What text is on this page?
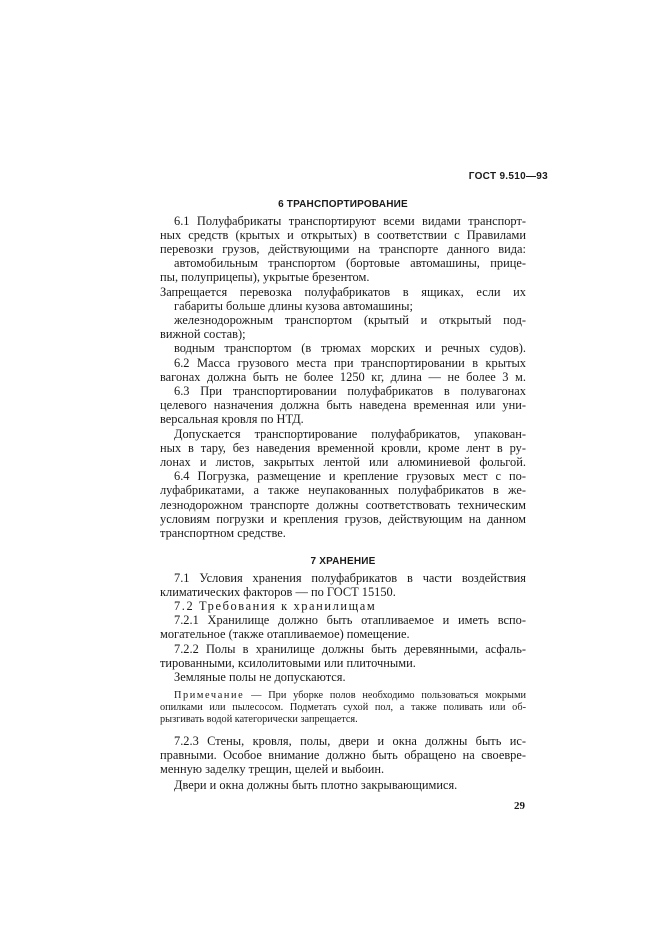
ГОСТ 9.510—93
6 ТРАНСПОРТИРОВАНИЕ
6.1 Полуфабрикаты транспортируют всеми видами транспорт-
ных средств (крытых и открытых) в соответствии с Правилами
перевозки грузов, действующими на транспорте данного вида:
автомобильным транспортом (бортовые автомашины, прице-
пы, полуприцепы), укрытые брезентом.
Запрещается перевозка полуфабрикатов в ящиках, если их
габариты больше длины кузова автомашины;
железнодорожным транспортом (крытый и открытый под-
вижной состав);
водным транспортом (в трюмах морских и речных судов).
6.2 Масса грузового места при транспортировании в крытых
вагонах должна быть не более 1250 кг, длина — не более 3 м.
6.3 При транспортировании полуфабрикатов в полувагонах
целевого назначения должна быть наведена временная или уни-
версальная кровля по НТД.
Допускается транспортирование полуфабрикатов, упакован-
ных в тару, без наведения временной кровли, кроме лент в ру-
лонах и листов, закрытых лентой или алюминиевой фольгой.
6.4 Погрузка, размещение и крепление грузовых мест с по-
луфабрикатами, а также неупакованных полуфабрикатов в же-
лезнодорожном транспорте должны соответствовать техническим
условиям погрузки и крепления грузов, действующим на данном
транспортном средстве.
7 ХРАНЕНИЕ
7.1 Условия хранения полуфабрикатов в части воздействия
климатических факторов — по ГОСТ 15150.
7.2 Требования к хранилищам
7.2.1 Хранилище должно быть отапливаемое и иметь вспо-
могательное (также отапливаемое) помещение.
7.2.2 Полы в хранилище должны быть деревянными, асфаль-
тированными, ксилолитовыми или плиточными.
Земляные полы не допускаются.
Примечание — При уборке полов необходимо пользоваться мокрыми
опилками или пылесосом. Подметать сухой пол, а также поливать или об-
рызгивать водой категорически запрещается.
7.2.3 Стены, кровля, полы, двери и окна должны быть ис-
правными. Особое внимание должно быть обращено на своевре-
менную заделку трещин, щелей и выбоин.
Двери и окна должны быть плотно закрывающимися.
29
